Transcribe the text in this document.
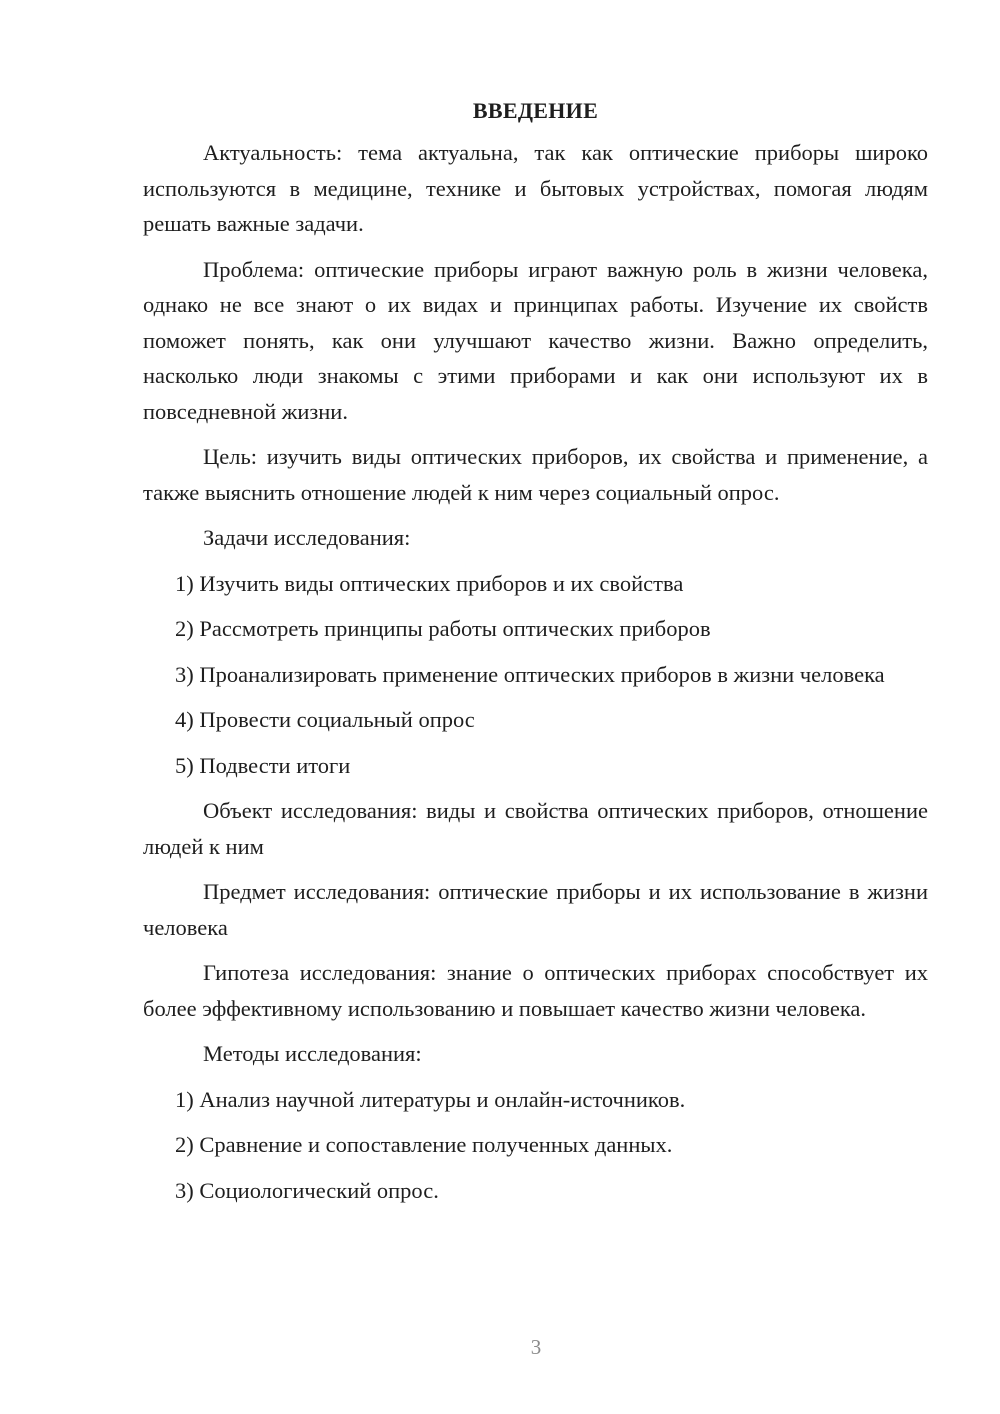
ВВЕДЕНИЕ

Актуальность: тема актуальна, так как оптические приборы широко используются в медицине, технике и бытовых устройствах, помогая людям решать важные задачи.

Проблема: оптические приборы играют важную роль в жизни человека, однако не все знают о их видах и принципах работы. Изучение их свойств поможет понять, как они улучшают качество жизни. Важно определить, насколько люди знакомы с этими приборами и как они используют их в повседневной жизни.

Цель: изучить виды оптических приборов, их свойства и применение, а также выяснить отношение людей к ним через социальный опрос.

Задачи исследования:

1) Изучить виды оптических приборов и их свойства

2) Рассмотреть принципы работы оптических приборов

3) Проанализировать применение оптических приборов в жизни человека

4) Провести социальный опрос

5) Подвести итоги

Объект исследования: виды и свойства оптических приборов, отношение людей к ним

Предмет исследования: оптические приборы и их использование в жизни человека

Гипотеза исследования: знание о оптических приборах способствует их более эффективному использованию и повышает качество жизни человека.

Методы исследования:

1) Анализ научной литературы и онлайн-источников.

2) Сравнение и сопоставление полученных данных.

3) Социологический опрос.

3
